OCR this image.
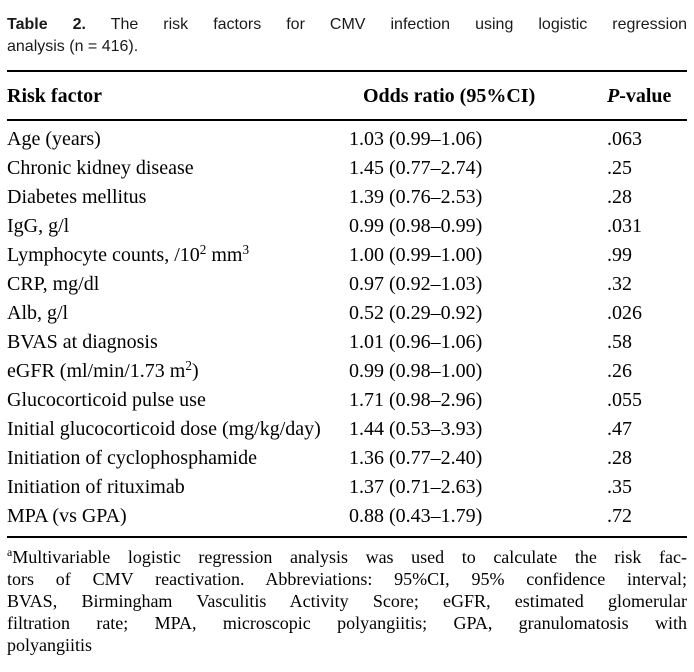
Table 2. The risk factors for CMV infection using logistic regression
analysis (n = 416).
Risk factor	Odds ratio (95%CI)	P-value
Age (years)	1.03 (0.99–1.06)	.063
Chronic kidney disease	1.45 (0.77–2.74)	.25
Diabetes mellitus	1.39 (0.76–2.53)	.28
IgG, g/l	0.99 (0.98–0.99)	.031
Lymphocyte counts, $/10^2$ $mm^3$	1.00 (0.99–1.00)	.99
CRP, mg/dl	0.97 (0.92–1.03)	.32
Alb, g/l	0.52 (0.29–0.92)	.026
BVAS at diagnosis	1.01 (0.96–1.06)	.58
eGFR (ml/min/1.73 $m^2$)	0.99 (0.98–1.00)	.26
Glucocorticoid pulse use	1.71 (0.98–2.96)	.055
Initial glucocorticoid dose (mg/kg/day)	1.44 (0.53–3.93)	.47
Initiation of cyclophosphamide	1.36 (0.77–2.40)	.28
Initiation of rituximab	1.37 (0.71–2.63)	.35
MPA (vs GPA)	0.88 (0.43–1.79)	.72
$^a$Multivariable logistic regression analysis was used to calculate the risk fac-
tors of CMV reactivation. Abbreviations: 95%CI, 95% confidence interval;
BVAS, Birmingham Vasculitis Activity Score; eGFR, estimated glomerular
filtration rate; MPA, microscopic polyangiitis; GPA, granulomatosis with
polyangiitis
